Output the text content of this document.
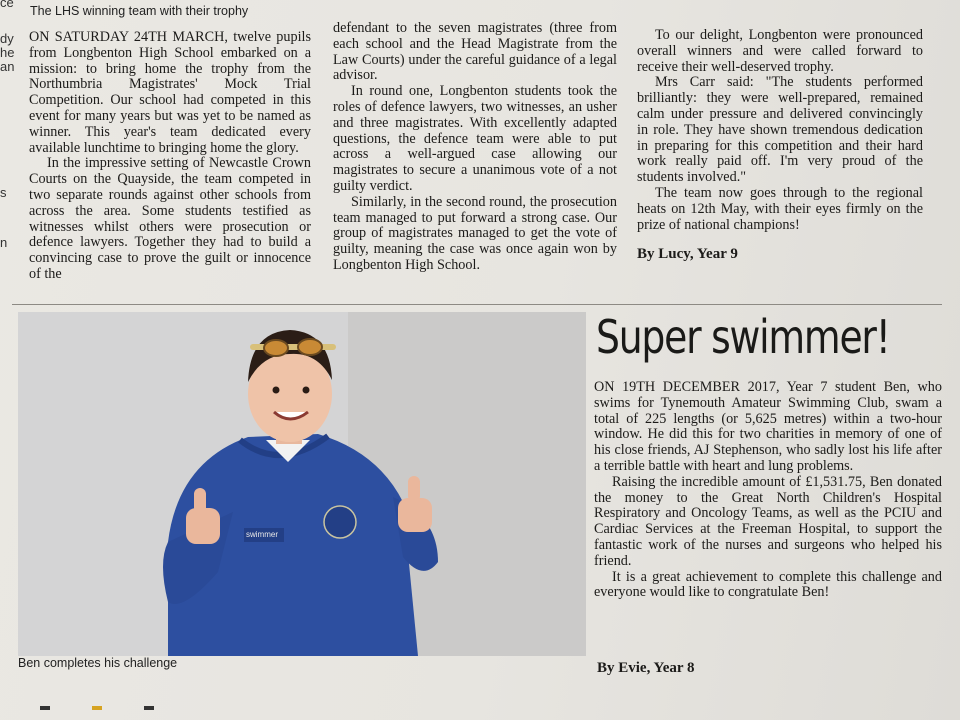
ce
dy
he
an
s
n
The LHS winning team with their trophy

ON SATURDAY 24TH MARCH, twelve pupils from Longbenton High School embarked on a mission: to bring home the trophy from the Northumbria Magistrates' Mock Trial Competition. Our school had competed in this event for many years but was yet to be named as winner. This year's team dedicated every available lunchtime to bringing home the glory.

In the impressive setting of Newcastle Crown Courts on the Quayside, the team competed in two separate rounds against other schools from across the area. Some students testified as witnesses whilst others were prosecution or defence lawyers. Together they had to build a convincing case to prove the guilt or innocence of the

defendant to the seven magistrates (three from each school and the Head Magistrate from the Law Courts) under the careful guidance of a legal advisor.

In round one, Longbenton students took the roles of defence lawyers, two witnesses, an usher and three magistrates. With excellently adapted questions, the defence team were able to put across a well-argued case allowing our magistrates to secure a unanimous vote of a not guilty verdict.

Similarly, in the second round, the prosecution team managed to put forward a strong case. Our group of magistrates managed to get the vote of guilty, meaning the case was once again won by Longbenton High School.

To our delight, Longbenton were pronounced overall winners and were called forward to receive their well-deserved trophy.

Mrs Carr said: "The students performed brilliantly: they were well-prepared, remained calm under pressure and delivered convincingly in role. They have shown tremendous dedication in preparing for this competition and their hard work really paid off. I'm very proud of the students involved."

The team now goes through to the regional heats on 12th May, with their eyes firmly on the prize of national champions!

By Lucy, Year 9
swimmer
Ben completes his challenge
Super swimmer!

ON 19TH DECEMBER 2017, Year 7 student Ben, who swims for Tynemouth Amateur Swimming Club, swam a total of 225 lengths (or 5,625 metres) within a two-hour window. He did this for two charities in memory of one of his close friends, AJ Stephenson, who sadly lost his life after a terrible battle with heart and lung problems.

Raising the incredible amount of £1,531.75, Ben donated the money to the Great North Children's Hospital Respiratory and Oncology Teams, as well as the PCIU and Cardiac Services at the Freeman Hospital, to support the fantastic work of the nurses and surgeons who helped his friend.

It is a great achievement to complete this challenge and everyone would like to congratulate Ben!

By Evie, Year 8
